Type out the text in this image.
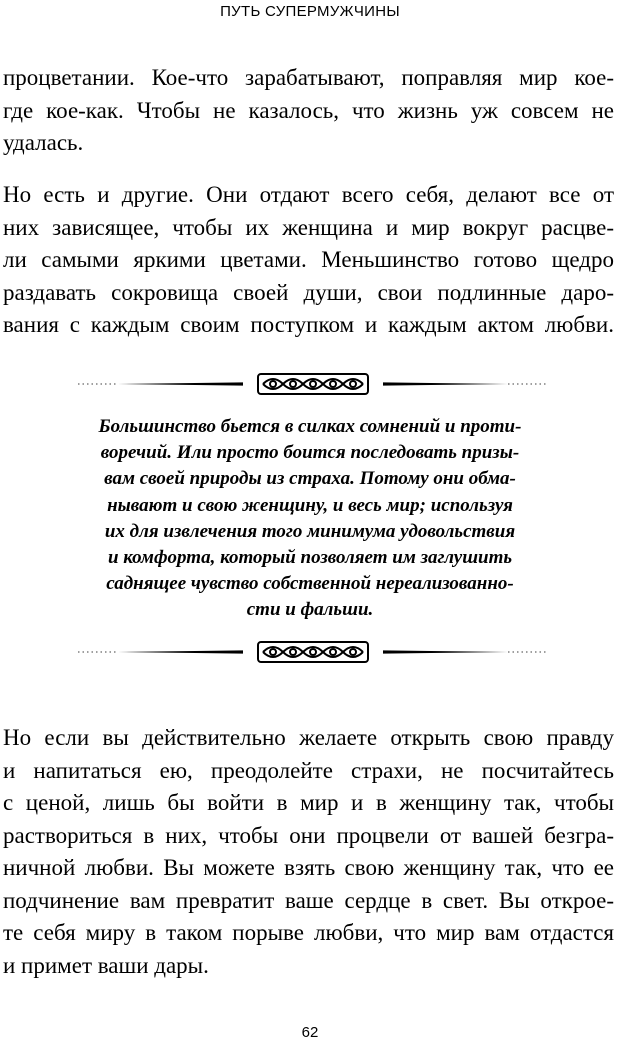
ПУТЬ СУПЕРМУЖЧИНЫ
процветании. Кое-что зарабатывают, поправляя мир кое-
где кое-как. Чтобы не казалось, что жизнь уж совсем не
удалась.
Но есть и другие. Они отдают всего себя, делают все от
них зависящее, чтобы их женщина и мир вокруг расцве-
ли самыми яркими цветами. Меньшинство готово щедро
раздавать сокровища своей души, свои подлинные даро-
вания с каждым своим поступком и каждым актом любви.
Большинство бьется в силках сомнений и проти-
воречий. Или просто боится последовать призы-
вам своей природы из страха. Потому они обма-
нывают и свою женщину, и весь мир; используя
их для извлечения того минимума удовольствия
и комфорта, который позволяет им заглушить
саднящее чувство собственной нереализованно-
сти и фальши.
Но если вы действительно желаете открыть свою правду
и напитаться ею, преодолейте страхи, не посчитайтесь
с ценой, лишь бы войти в мир и в женщину так, чтобы
раствориться в них, чтобы они процвели от вашей безгра-
ничной любви. Вы можете взять свою женщину так, что ее
подчинение вам превратит ваше сердце в свет. Вы открое-
те себя миру в таком порыве любви, что мир вам отдастся
и примет ваши дары.
62
